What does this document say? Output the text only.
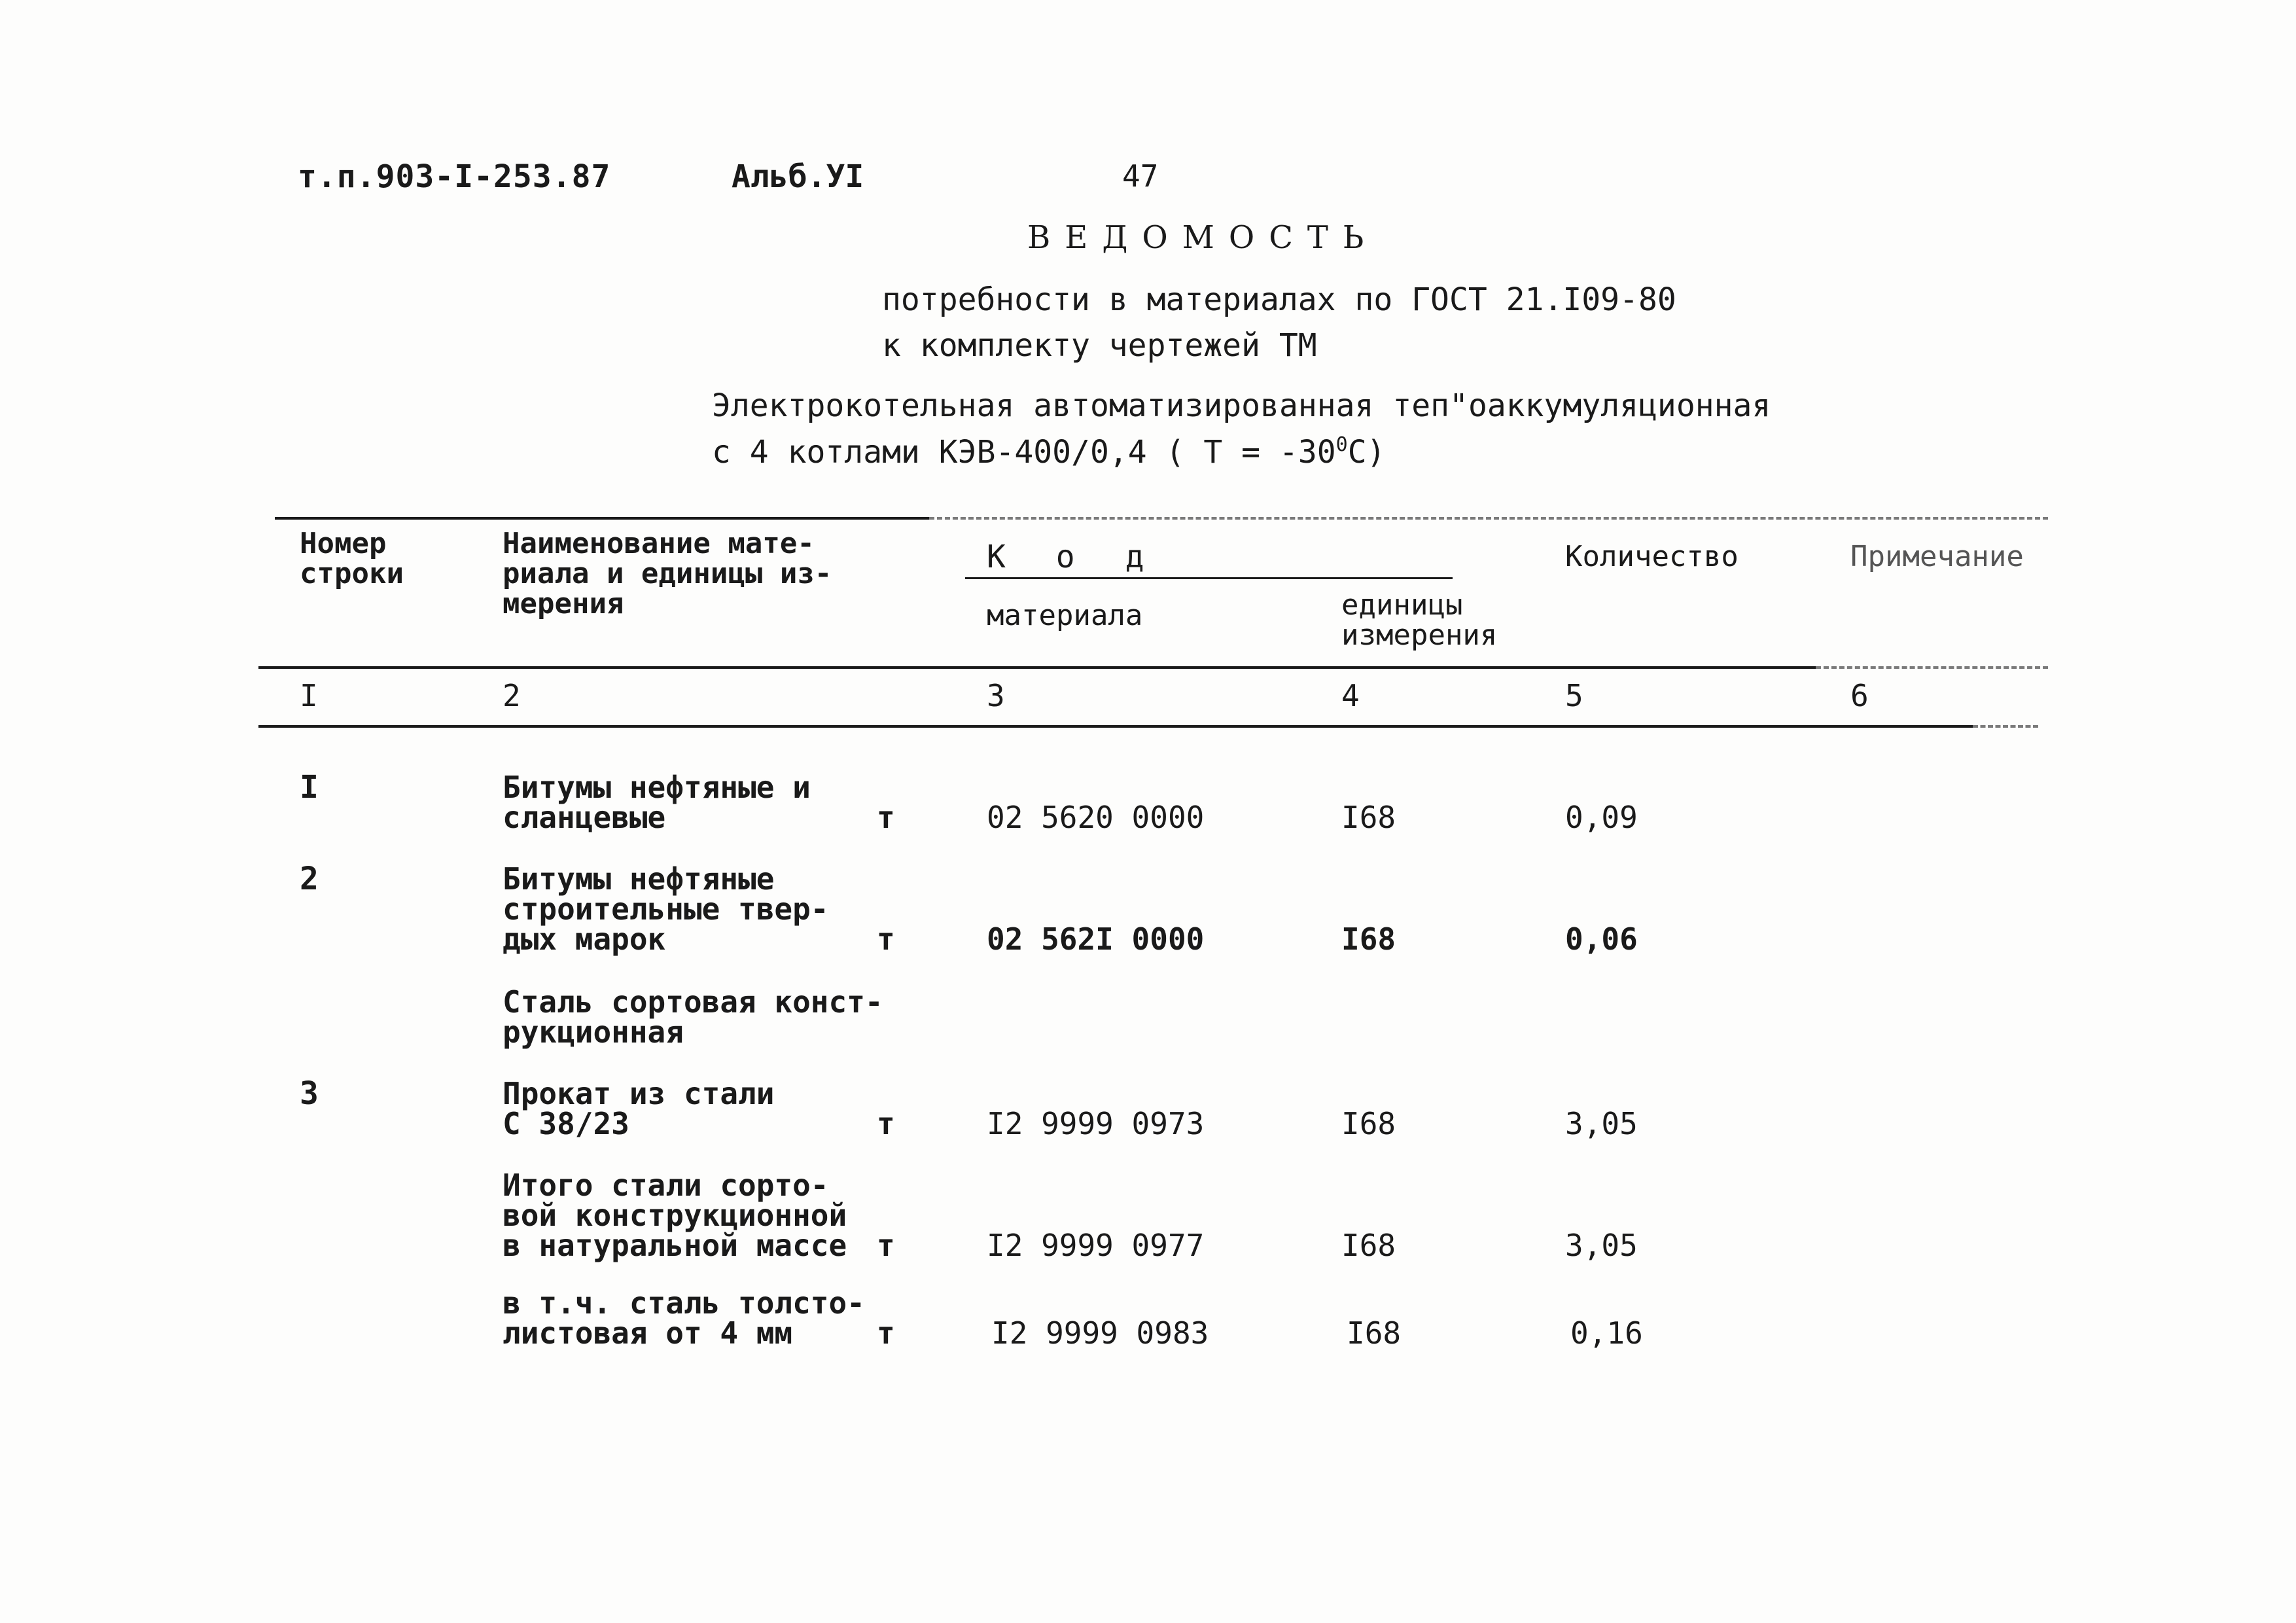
т.п.903-I-253.87	Альб.УI	47
ВЕДОМОСТЬ
потребности в материалах по ГОСТ 21.I09-80
к комплекту чертежей ТМ
Электрокотельная автоматизированная теп"оаккумуляционная
с 4 котлами КЭВ-400/0,4 ( $Т = -30^0С$)
Номер
строки
Наименование мате-
риала и единицы из-
мерения
К о д
материала	единицы
измерения
Количество	Примечание
I	2	3	4	5	6
I	Битумы нефтяные и
сланцевые	т	02 5620 0000	I68	0,09
2	Битумы нефтяные
строительные твер-
дых марок	т	02 562I 0000	I68	0,06
Сталь сортовая конст-
рукционная
3	Прокат из стали
С 38/23	т	I2 9999 0973	I68	3,05
Итого стали сорто-
вой конструкционной
в натуральной массе т	I2 9999 0977	I68	3,05
в т.ч. сталь толсто-
листовая от 4 мм	т	I2 9999 0983	I68	0,16
